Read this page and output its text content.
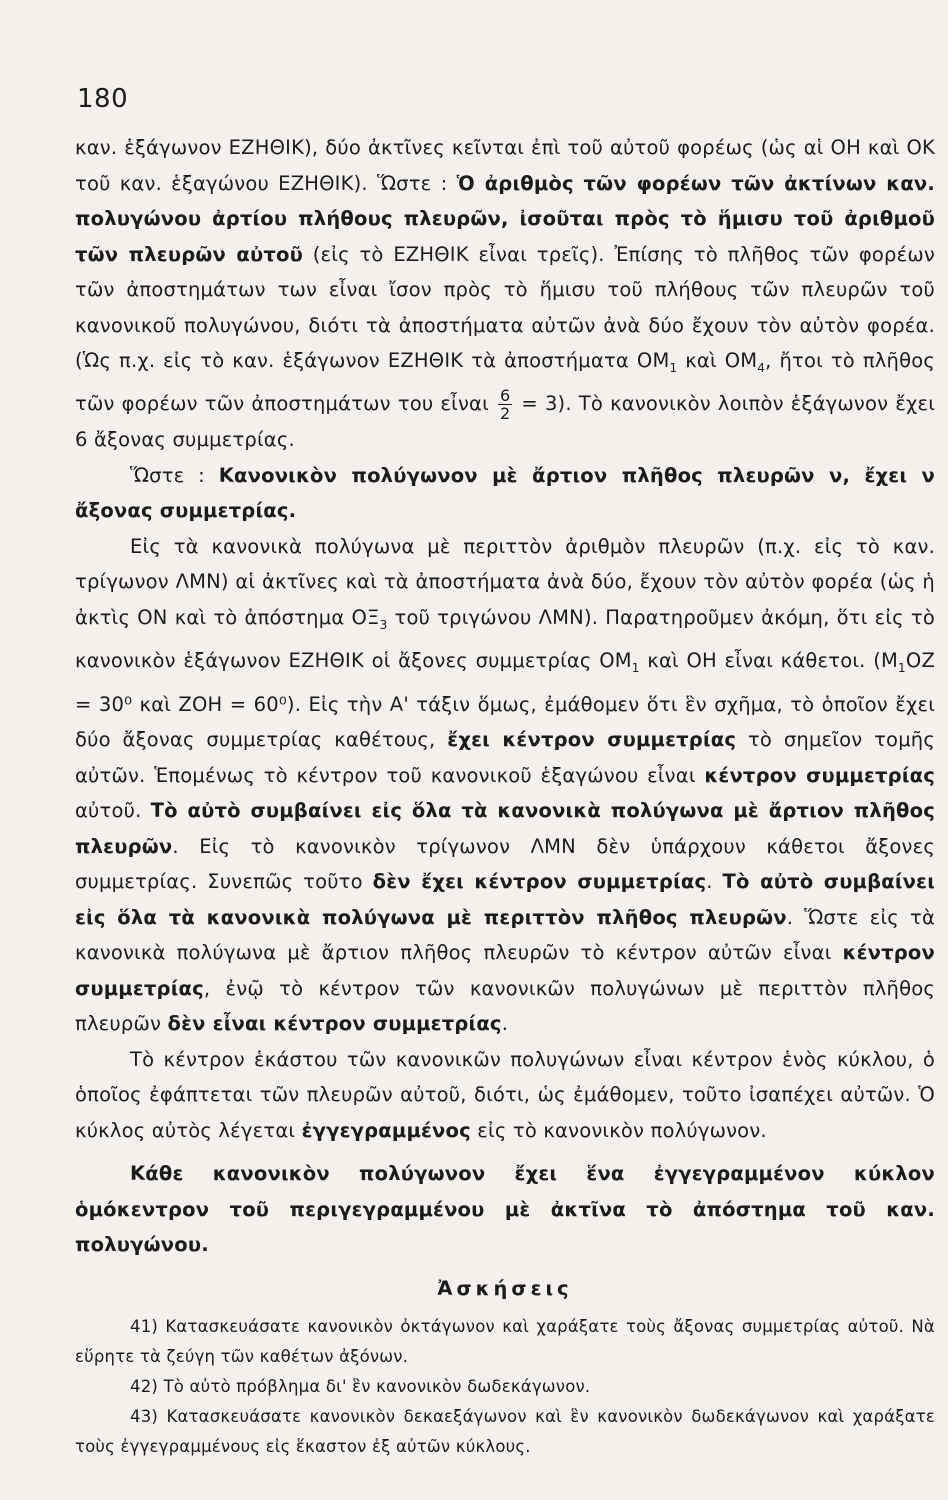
180

καν. ἑξάγωνον ΕΖΗΘΙΚ), δύο ἀκτῖνες κεῖνται ἐπὶ τοῦ αὐτοῦ φορέως (ὡς αἱ ΟΗ καὶ ΟΚ τοῦ καν. ἑξαγώνου ΕΖΗΘΙΚ). Ὥστε : Ὁ ἀριθμὸς τῶν φορέων τῶν ἀκτίνων καν. πολυγώνου ἀρτίου πλήθους πλευρῶν, ἰσοῦται πρὸς τὸ ἥμισυ τοῦ ἀριθμοῦ τῶν πλευρῶν αὐτοῦ (εἰς τὸ ΕΖΗΘΙΚ εἶναι τρεῖς). Ἐπίσης τὸ πλῆθος τῶν φορέων τῶν ἀποστημάτων των εἶναι ἴσον πρὸς τὸ ἥμισυ τοῦ πλήθους τῶν πλευρῶν τοῦ κανονικοῦ πολυγώνου, διότι τὰ ἀποστήματα αὐτῶν ἀνὰ δύο ἔχουν τὸν αὐτὸν φορέα. (Ὡς π.χ. εἰς τὸ καν. ἑξάγωνον ΕΖΗΘΙΚ τὰ ἀποστήματα $OM_1$ καὶ $OM_4$, ἤτοι τὸ πλῆθος τῶν φορέων τῶν ἀποστημάτων του εἶναι $\frac{6}{2} = 3$). Τὸ κανονικὸν λοιπὸν ἑξάγωνον ἔχει 6 ἄξονας συμμετρίας.

Ὥστε : Κανονικὸν πολύγωνον μὲ ἄρτιον πλῆθος πλευρῶν ν, ἔχει ν ἄξονας συμμετρίας.

Εἰς τὰ κανονικὰ πολύγωνα μὲ περιττὸν ἀριθμὸν πλευρῶν (π.χ. εἰς τὸ καν. τρίγωνον ΛΜΝ) αἱ ἀκτῖνες καὶ τὰ ἀποστήματα ἀνὰ δύο, ἔχουν τὸν αὐτὸν φορέα (ὡς ἡ ἀκτὶς ΟΝ καὶ τὸ ἀπόστημα $O\Xi_3$ τοῦ τριγώνου ΛΜΝ). Παρατηροῦμεν ἀκόμη, ὅτι εἰς τὸ κανονικὸν ἑξάγωνον ΕΖΗΘΙΚ οἱ ἄξονες συμμετρίας $OM_1$ καὶ ΟΗ εἶναι κάθετοι. ($M_1OZ = 30^0$ καὶ ZOH = 60⁰). Εἰς τὴν Α' τάξιν ὅμως, ἐμάθομεν ὅτι ἓν σχῆμα, τὸ ὁποῖον ἔχει δύο ἄξονας συμμετρίας καθέτους, ἔχει κέντρον συμμετρίας τὸ σημεῖον τομῆς αὐτῶν. Ἑπομένως τὸ κέντρον τοῦ κανονικοῦ ἑξαγώνου εἶναι κέντρον συμμετρίας αὐτοῦ. Τὸ αὐτὸ συμβαίνει εἰς ὅλα τὰ κανονικὰ πολύγωνα μὲ ἄρτιον πλῆθος πλευρῶν. Εἰς τὸ κανονικὸν τρίγωνον ΛΜΝ δὲν ὑπάρχουν κάθετοι ἄξονες συμμετρίας. Συνεπῶς τοῦτο δὲν ἔχει κέντρον συμμετρίας. Τὸ αὐτὸ συμβαίνει εἰς ὅλα τὰ κανονικὰ πολύγωνα μὲ περιττὸν πλῆθος πλευρῶν. Ὥστε εἰς τὰ κανονικὰ πολύγωνα μὲ ἄρτιον πλῆθος πλευρῶν τὸ κέντρον αὐτῶν εἶναι κέντρον συμμετρίας, ἐνῷ τὸ κέντρον τῶν κανονικῶν πολυγώνων μὲ περιττὸν πλῆθος πλευρῶν δὲν εἶναι κέντρον συμμετρίας.

Τὸ κέντρον ἑκάστου τῶν κανονικῶν πολυγώνων εἶναι κέντρον ἑνὸς κύκλου, ὁ ὁποῖος ἐφάπτεται τῶν πλευρῶν αὐτοῦ, διότι, ὡς ἐμάθομεν, τοῦτο ἰσαπέχει αὐτῶν. Ὁ κύκλος αὐτὸς λέγεται ἐγγεγραμμένος εἰς τὸ κανονικὸν πολύγωνον.

Κάθε κανονικὸν πολύγωνον ἔχει ἕνα ἐγγεγραμμένον κύκλον ὁμόκεντρον τοῦ περιγεγραμμένου μὲ ἀκτῖνα τὸ ἀπόστημα τοῦ καν. πολυγώνου.

Ἀσκήσεις

41) Κατασκευάσατε κανονικὸν ὀκτάγωνον καὶ χαράξατε τοὺς ἄξονας συμμετρίας αὐτοῦ. Νὰ εὕρητε τὰ ζεύγη τῶν καθέτων ἀξόνων.

42) Τὸ αὐτὸ πρόβλημα δι' ἓν κανονικὸν δωδεκάγωνον.

43) Κατασκευάσατε κανονικὸν δεκαεξάγωνον καὶ ἓν κανονικὸν δωδεκάγωνον καὶ χαράξατε τοὺς ἐγγεγραμμένους εἰς ἕκαστον ἐξ αὐτῶν κύκλους.
